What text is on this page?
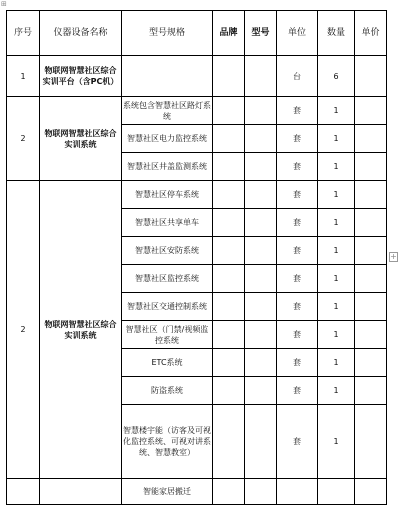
⊞
+
序号	仪器设备名称	型号规格	品牌	型号	单位	数量	单价
1	物联网智慧社区综合实训平台（含PC机）				台	6	
2	物联网智慧社区综合实训系统	系统包含智慧社区路灯系统			套	1	
		智慧社区电力监控系统			套	1	
		智慧社区井盖监测系统			套	1	
2	物联网智慧社区综合实训系统	智慧社区停车系统			套	1	
		智慧社区共享单车			套	1	
		智慧社区安防系统			套	1	
		智慧社区监控系统			套	1	
		智慧社区交通控制系统			套	1	
		智慧社区（门禁/视频监控系统			套	1	
		ETC系统			套	1	
		防盗系统			套	1	
		智慧楼宇能（访客及可视化监控系统、可视对讲系统、智慧教室）			套	1	
		智能家居搬迁					
